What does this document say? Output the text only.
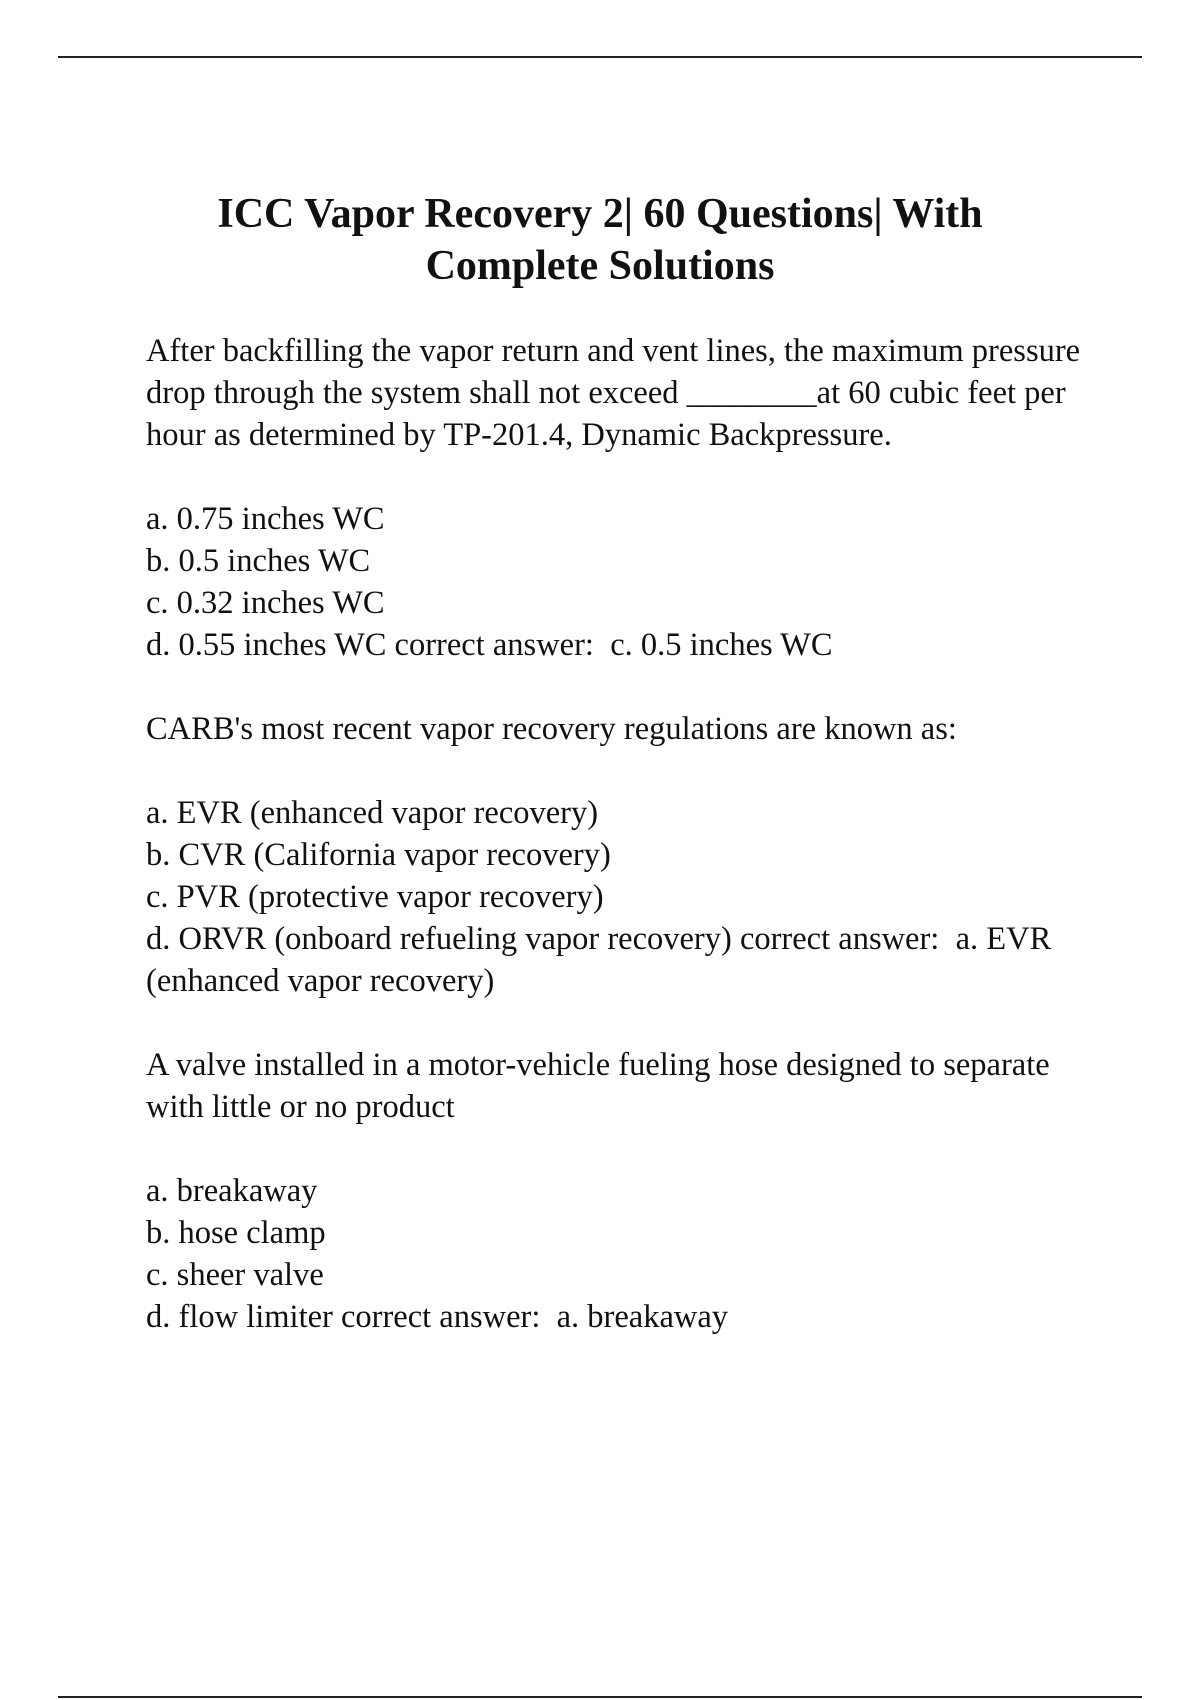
ICC Vapor Recovery 2| 60 Questions| With
Complete Solutions

After backfilling the vapor return and vent lines, the maximum pressure drop through the system shall not exceed ________at 60 cubic feet per hour as determined by TP-201.4, Dynamic Backpressure.

a. 0.75 inches WC
b. 0.5 inches WC
c. 0.32 inches WC
d. 0.55 inches WC correct answer:  c. 0.5 inches WC

CARB's most recent vapor recovery regulations are known as:

a. EVR (enhanced vapor recovery)
b. CVR (California vapor recovery)
c. PVR (protective vapor recovery)
d. ORVR (onboard refueling vapor recovery) correct answer:  a. EVR (enhanced vapor recovery)

A valve installed in a motor-vehicle fueling hose designed to separate with little or no product

a. breakaway
b. hose clamp
c. sheer valve
d. flow limiter correct answer:  a. breakaway
